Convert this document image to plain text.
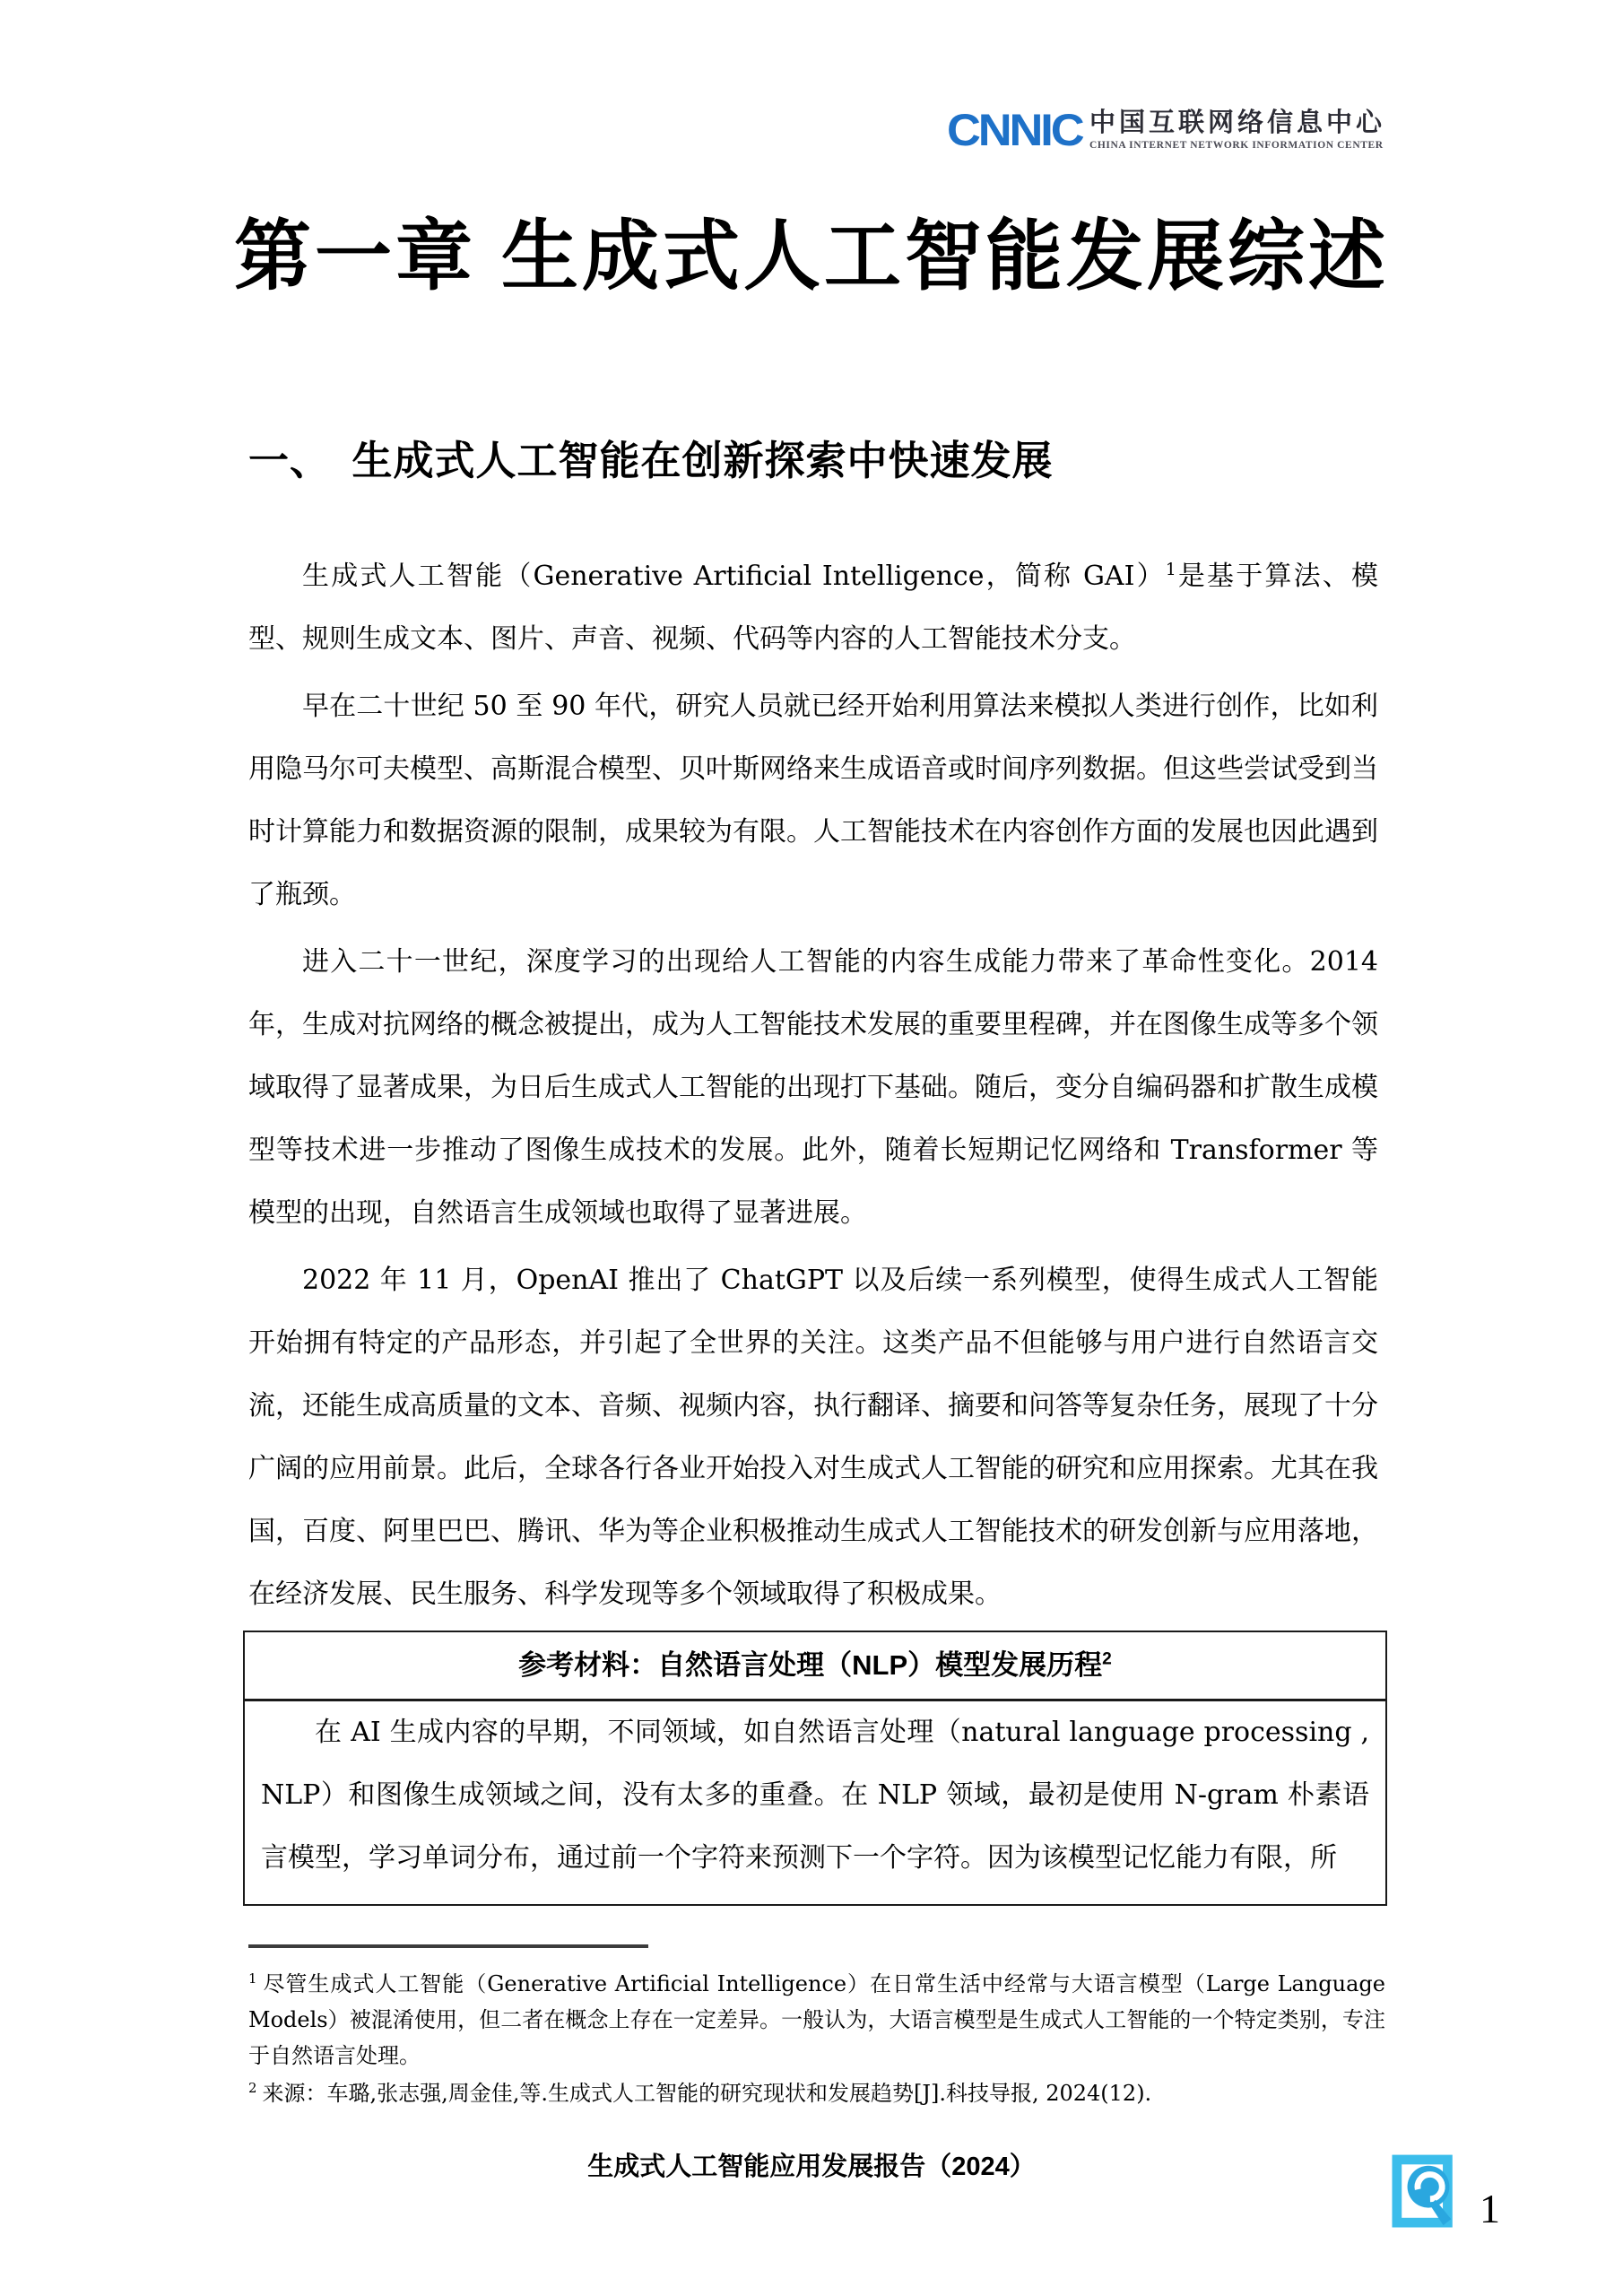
CNNIC 中国互联网络信息中心
CHINA INTERNET NETWORK INFORMATION CENTER
第一章 生成式人工智能发展综述
一、　生成式人工智能在创新探索中快速发展

生成式人工智能（Generative Artificial Intelligence，简称 GAI）$^1$是基于算法、模型、规则生成文本、图片、声音、视频、代码等内容的人工智能技术分支。

早在二十世纪 50 至 90 年代，研究人员就已经开始利用算法来模拟人类进行创作，比如利用隐马尔可夫模型、高斯混合模型、贝叶斯网络来生成语音或时间序列数据。但这些尝试受到当时计算能力和数据资源的限制，成果较为有限。人工智能技术在内容创作方面的发展也因此遇到了瓶颈。

进入二十一世纪，深度学习的出现给人工智能的内容生成能力带来了革命性变化。2014 年，生成对抗网络的概念被提出，成为人工智能技术发展的重要里程碑，并在图像生成等多个领域取得了显著成果，为日后生成式人工智能的出现打下基础。随后，变分自编码器和扩散生成模型等技术进一步推动了图像生成技术的发展。此外，随着长短期记忆网络和 Transformer 等模型的出现，自然语言生成领域也取得了显著进展。

2022 年 11 月，OpenAI 推出了 ChatGPT 以及后续一系列模型，使得生成式人工智能开始拥有特定的产品形态，并引起了全世界的关注。这类产品不但能够与用户进行自然语言交流，还能生成高质量的文本、音频、视频内容，执行翻译、摘要和问答等复杂任务，展现了十分广阔的应用前景。此后，全球各行各业开始投入对生成式人工智能的研究和应用探索。尤其在我国，百度、阿里巴巴、腾讯、华为等企业积极推动生成式人工智能技术的研发创新与应用落地，在经济发展、民生服务、科学发现等多个领域取得了积极成果。

参考材料：自然语言处理（NLP）模型发展历程$^2$
在 AI 生成内容的早期，不同领域，如自然语言处理（natural language processing , NLP）和图像生成领域之间，没有太多的重叠。在 NLP 领域，最初是使用 N-gram 朴素语言模型，学习单词分布，通过前一个字符来预测下一个字符。因为该模型记忆能力有限，所
$^1$ 尽管生成式人工智能（Generative Artificial Intelligence）在日常生活中经常与大语言模型（Large Language Models）被混淆使用，但二者在概念上存在一定差异。一般认为，大语言模型是生成式人工智能的一个特定类别，专注于自然语言处理。
$^2$ 来源：车璐,张志强,周金佳,等.生成式人工智能的研究现状和发展趋势[J].科技导报, 2024(12).
生成式人工智能应用发展报告（2024）
1
